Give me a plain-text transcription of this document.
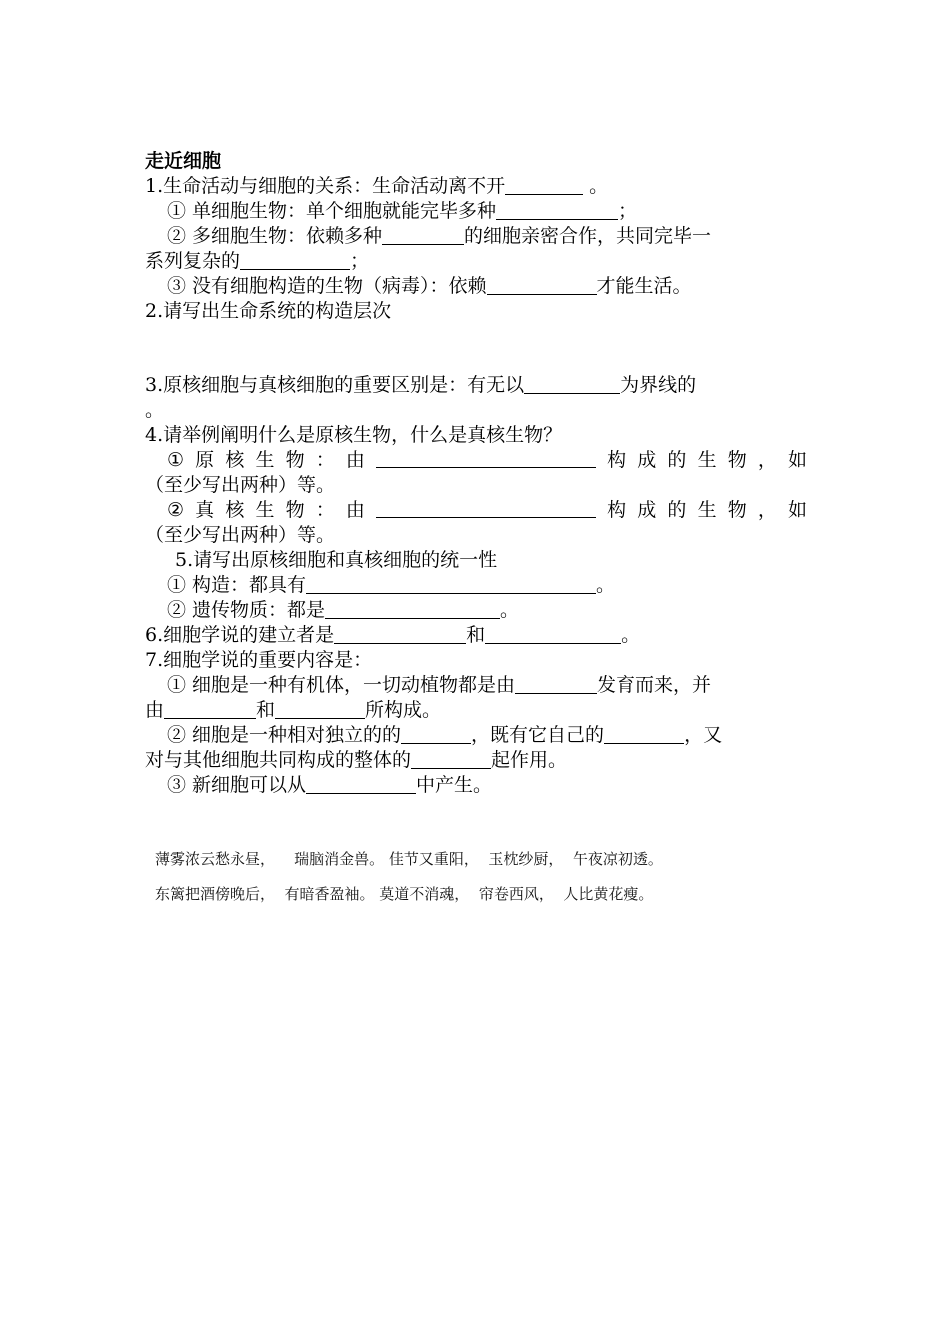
走近细胞
1.生命活动与细胞的关系：生命活动离不开	。
① 单细胞生物：单个细胞就能完毕多种	；
② 多细胞生物：依赖多种	的细胞亲密合作，共同完毕一
系列复杂的	；
③ 没有细胞构造的生物（病毒）：依赖	才能生活。
2.请写出生命系统的构造层次
3.原核细胞与真核细胞的重要区别是：有无以	为界线的
。
4.请举例阐明什么是原核生物，什么是真核生物？
① 原 核 生 物 ： 由	构 成 的 生 物 ， 如
（至少写出两种）等。
② 真 核 生 物 ： 由	构 成 的 生 物 ， 如
（至少写出两种）等。
5.请写出原核细胞和真核细胞的统一性
① 构造：都具有	。
② 遗传物质：都是	。
6.细胞学说的建立者是	和	。
7.细胞学说的重要内容是：
① 细胞是一种有机体，一切动植物都是由	发育而来，并
由	和	所构成。
② 细胞是一种相对独立的的	，既有它自己的	，又
对与其他细胞共同构成的整体的	起作用。
③ 新细胞可以从	中产生。
薄雾浓云愁永昼，    瑞脑消金兽。 佳节又重阳，  玉枕纱厨，  午夜凉初透。
东篱把酒傍晚后，  有暗香盈袖。 莫道不消魂，  帘卷西风，  人比黄花瘦。
